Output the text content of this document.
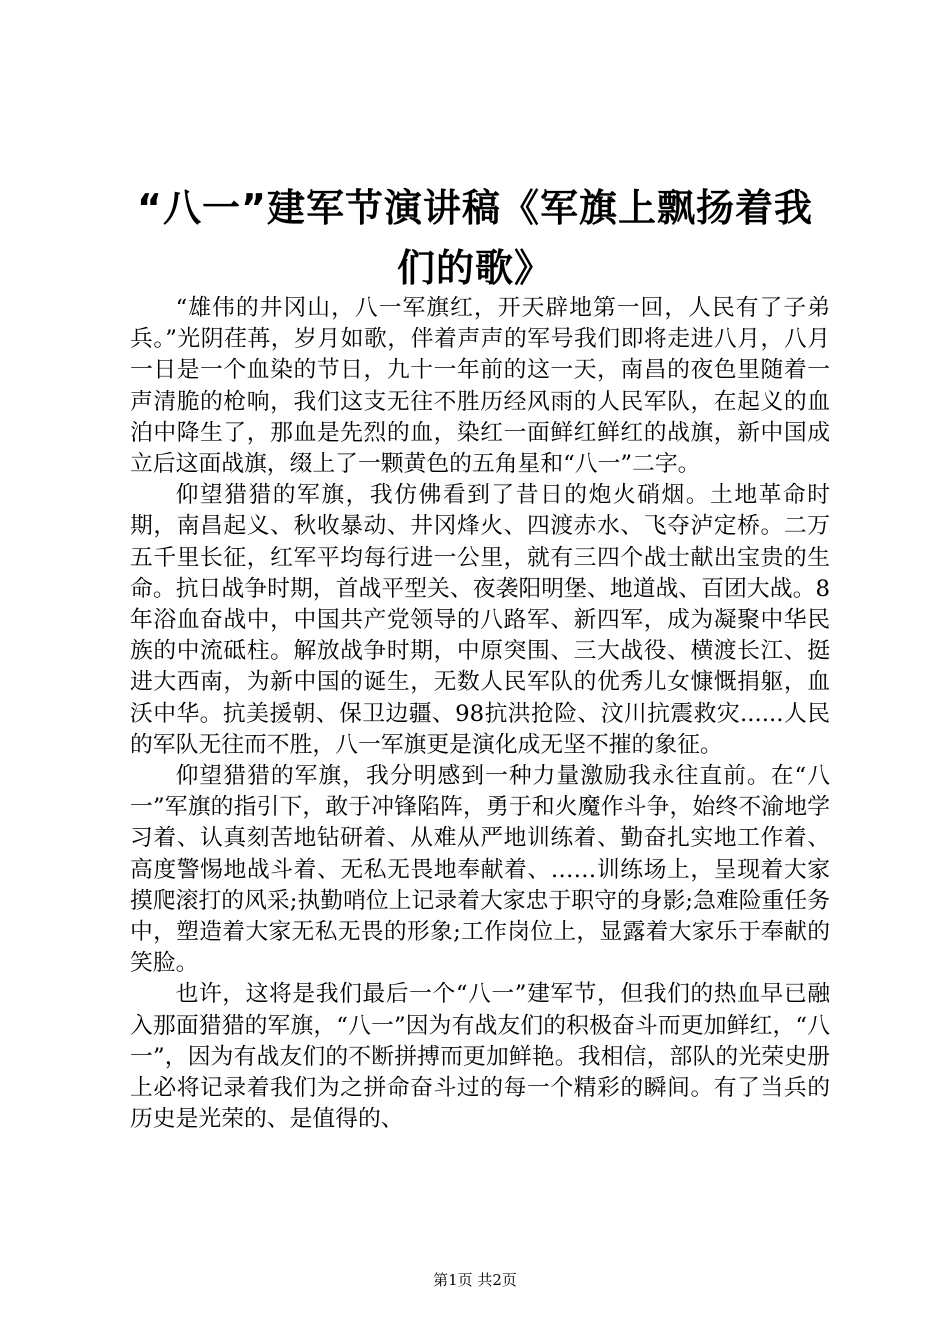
“八一”建军节演讲稿《军旗上飘扬着我们的歌》

“雄伟的井冈山，八一军旗红，开天辟地第一回，人民有了子弟兵。”光阴荏苒，岁月如歌，伴着声声的军号我们即将走进八月，八月一日是一个血染的节日，九十一年前的这一天，南昌的夜色里随着一声清脆的枪响，我们这支无往不胜历经风雨的人民军队，在起义的血泊中降生了，那血是先烈的血，染红一面鲜红鲜红的战旗，新中国成立后这面战旗，缀上了一颗黄色的五角星和“八一”二字。

仰望猎猎的军旗，我仿佛看到了昔日的炮火硝烟。土地革命时期，南昌起义、秋收暴动、井冈烽火、四渡赤水、飞夺泸定桥。二万五千里长征，红军平均每行进一公里，就有三四个战士献出宝贵的生命。抗日战争时期，首战平型关、夜袭阳明堡、地道战、百团大战。8年浴血奋战中，中国共产党领导的八路军、新四军，成为凝聚中华民族的中流砥柱。解放战争时期，中原突围、三大战役、横渡长江、挺进大西南，为新中国的诞生，无数人民军队的优秀儿女慷慨捐躯，血沃中华。抗美援朝、保卫边疆、98抗洪抢险、汶川抗震救灾......人民的军队无往而不胜，八一军旗更是演化成无坚不摧的象征。

仰望猎猎的军旗，我分明感到一种力量激励我永往直前。在“八一”军旗的指引下，敢于冲锋陷阵，勇于和火魔作斗争，始终不渝地学习着、认真刻苦地钻研着、从难从严地训练着、勤奋扎实地工作着、高度警惕地战斗着、无私无畏地奉献着、……训练场上，呈现着大家摸爬滚打的风采;执勤哨位上记录着大家忠于职守的身影;急难险重任务中，塑造着大家无私无畏的形象;工作岗位上，显露着大家乐于奉献的笑脸。

也许，这将是我们最后一个“八一”建军节，但我们的热血早已融入那面猎猎的军旗，“八一”因为有战友们的积极奋斗而更加鲜红，“八一”，因为有战友们的不断拼搏而更加鲜艳。我相信，部队的光荣史册上必将记录着我们为之拼命奋斗过的每一个精彩的瞬间。有了当兵的历史是光荣的、是值得的、

第1页 共2页
